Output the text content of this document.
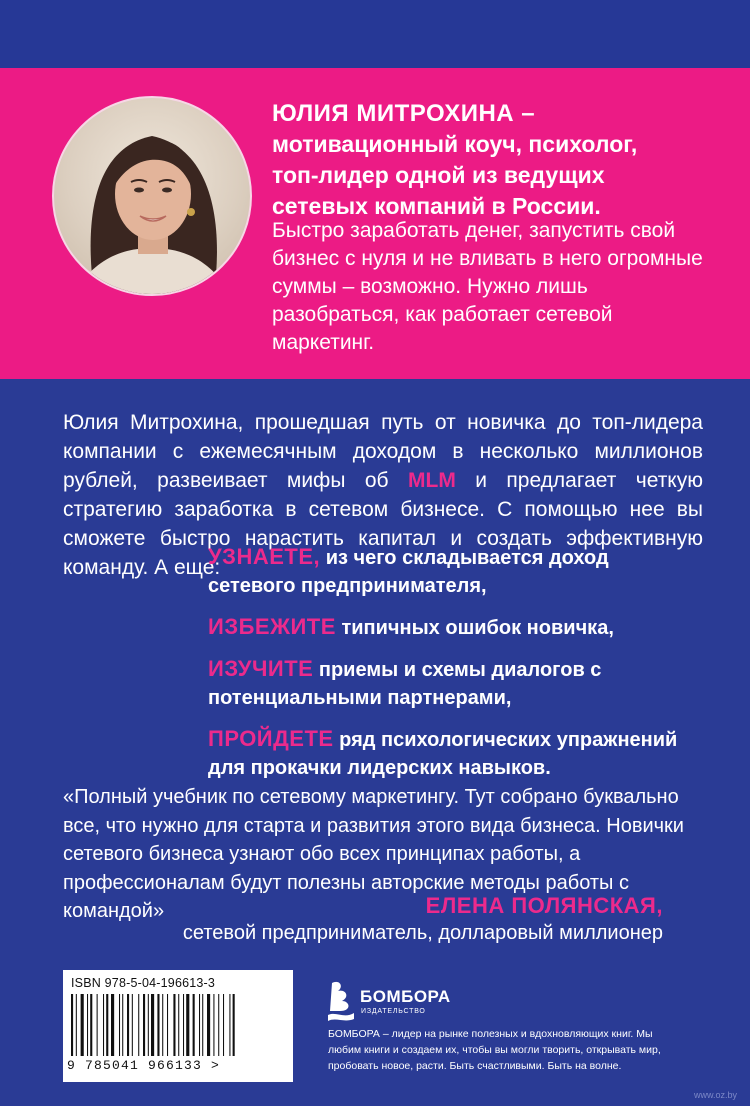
ЮЛИЯ МИТРОХИНА –
мотивационный коуч, психолог,
топ-лидер одной из ведущих
сетевых компаний в России.
Быстро заработать денег, запустить свой бизнес с нуля и не вливать в него огромные суммы – возможно. Нужно лишь разобраться, как работает сетевой маркетинг.
Юлия Митрохина, прошедшая путь от новичка до топ-лидера компании с ежемесячным доходом в несколько миллионов рублей, развеивает мифы об MLM и предлагает четкую стратегию заработка в сетевом бизнесе. С помощью нее вы сможете быстро нарастить капитал и создать эффективную команду. А еще:
УЗНАЕТЕ, из чего складывается доход сетевого предпринимателя,
ИЗБЕЖИТЕ типичных ошибок новичка,
ИЗУЧИТЕ приемы и схемы диалогов с потенциальными партнерами,
ПРОЙДЕТЕ ряд психологических упражнений для прокачки лидерских навыков.
«Полный учебник по сетевому маркетингу. Тут собрано буквально все, что нужно для старта и развития этого вида бизнеса. Новички сетевого бизнеса узнают обо всех принципах работы, а профессионалам будут полезны авторские методы работы с командой»	ЕЛЕНА ПОЛЯНСКАЯ,
сетевой предприниматель, долларовый миллионер
ISBN 978-5-04-196613-3
9 785041 966133 >
БОМБОРА
ИЗДАТЕЛЬСТВО
БОМБОРА – лидер на рынке полезных и вдохновляющих книг. Мы любим книги и создаем их, чтобы вы могли творить, открывать мир, пробовать новое, расти. Быть счастливыми. Быть на волне.
www.oz.by
